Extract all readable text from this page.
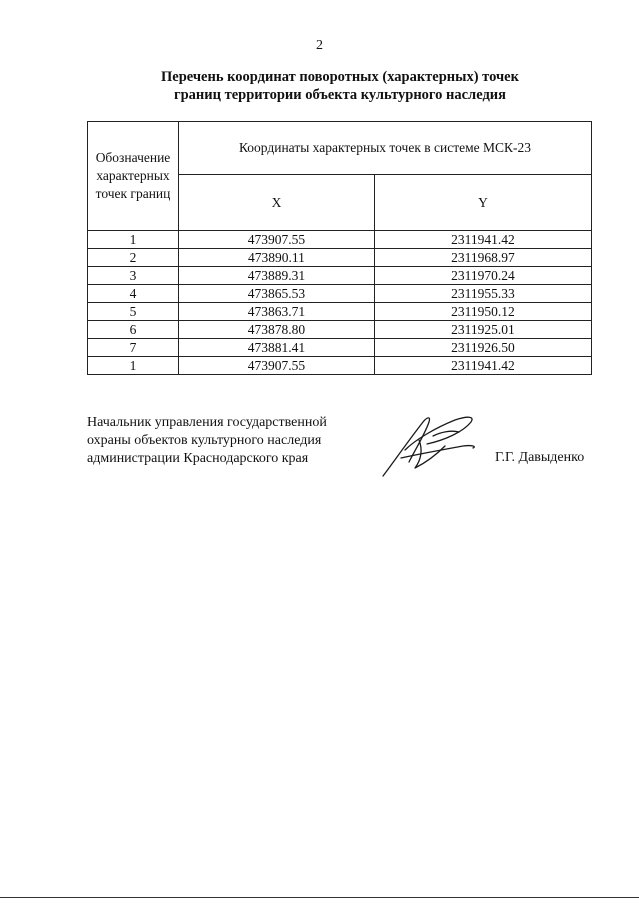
2
Перечень координат поворотных (характерных) точек
границ территории объекта культурного наследия
Обозначение характерных точек границ	Координаты характерных точек в системе МСК-23	
	X	Y
1	473907.55	2311941.42
2	473890.11	2311968.97
3	473889.31	2311970.24
4	473865.53	2311955.33
5	473863.71	2311950.12
6	473878.80	2311925.01
7	473881.41	2311926.50
1	473907.55	2311941.42
Начальник управления государственной
охраны объектов культурного наследия
администрации Краснодарского края	Г.Г. Давыденко
